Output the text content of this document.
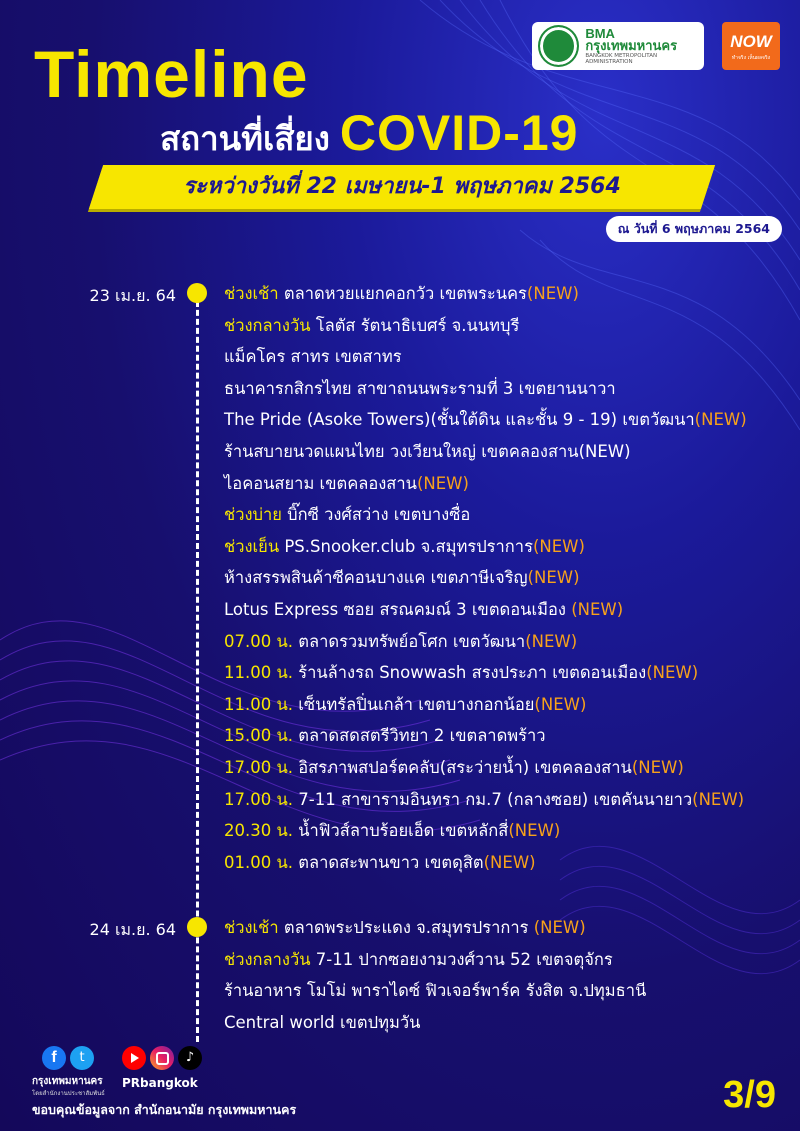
Timeline
สถานที่เสี่ยง COVID-19
ระหว่างวันที่ 22 เมษายน-1 พฤษภาคม 2564
ณ วันที่ 6 พฤษภาคม 2564
BMA
กรุงเทพมหานคร
BANGKOK METROPOLITAN ADMINISTRATION
NOW
ทำจริง เห็นผลจริง
23 เม.ย. 64	ช่วงเช้า ตลาดหวยแยกคอกวัว เขตพระนคร(NEW)
ช่วงกลางวัน โลตัส รัตนาธิเบศร์ จ.นนทบุรี
แม็คโคร สาทร เขตสาทร
ธนาคารกสิกรไทย สาขาถนนพระรามที่ 3 เขตยานนาวา
The Pride (Asoke Towers)(ชั้นใต้ดิน และชั้น 9 - 19) เขตวัฒนา(NEW)
ร้านสบายนวดแผนไทย วงเวียนใหญ่ เขตคลองสาน(NEW)
ไอคอนสยาม เขตคลองสาน(NEW)
ช่วงบ่าย บิ๊กซี วงศ์สว่าง เขตบางซื่อ
ช่วงเย็น PS.Snooker.club จ.สมุทรปราการ(NEW)
ห้างสรรพสินค้าซีคอนบางแค เขตภาษีเจริญ(NEW)
Lotus Express ซอย สรณคมณ์ 3 เขตดอนเมือง (NEW)
07.00 น. ตลาดรวมทรัพย์อโศก เขตวัฒนา(NEW)
11.00 น. ร้านล้างรถ Snowwash สรงประภา เขตดอนเมือง(NEW)
11.00 น. เซ็นทรัลปิ่นเกล้า เขตบางกอกน้อย(NEW)
15.00 น. ตลาดสดสตรีวิทยา 2 เขตลาดพร้าว
17.00 น. อิสรภาพสปอร์ตคลับ(สระว่ายน้ำ) เขตคลองสาน(NEW)
17.00 น. 7-11 สาขารามอินทรา กม.7 (กลางซอย) เขตคันนายาว(NEW)
20.30 น. น้ำฟิวส์ลาบร้อยเอ็ด เขตหลักสี่(NEW)
01.00 น. ตลาดสะพานขาว เขตดุสิต(NEW)
24 เม.ย. 64	ช่วงเช้า ตลาดพระประแดง จ.สมุทรปราการ (NEW)
ช่วงกลางวัน 7-11 ปากซอยงามวงศ์วาน 52 เขตจตุจักร
ร้านอาหาร โมโม่ พาราไดซ์ ฟิวเจอร์พาร์ค รังสิต จ.ปทุมธานี
Central world เขตปทุมวัน
f	t
กรุงเทพมหานคร
โดยสำนักงานประชาสัมพันธ์
♪
PRbangkok
ขอบคุณข้อมูลจาก สำนักอนามัย กรุงเทพมหานคร	3/9
